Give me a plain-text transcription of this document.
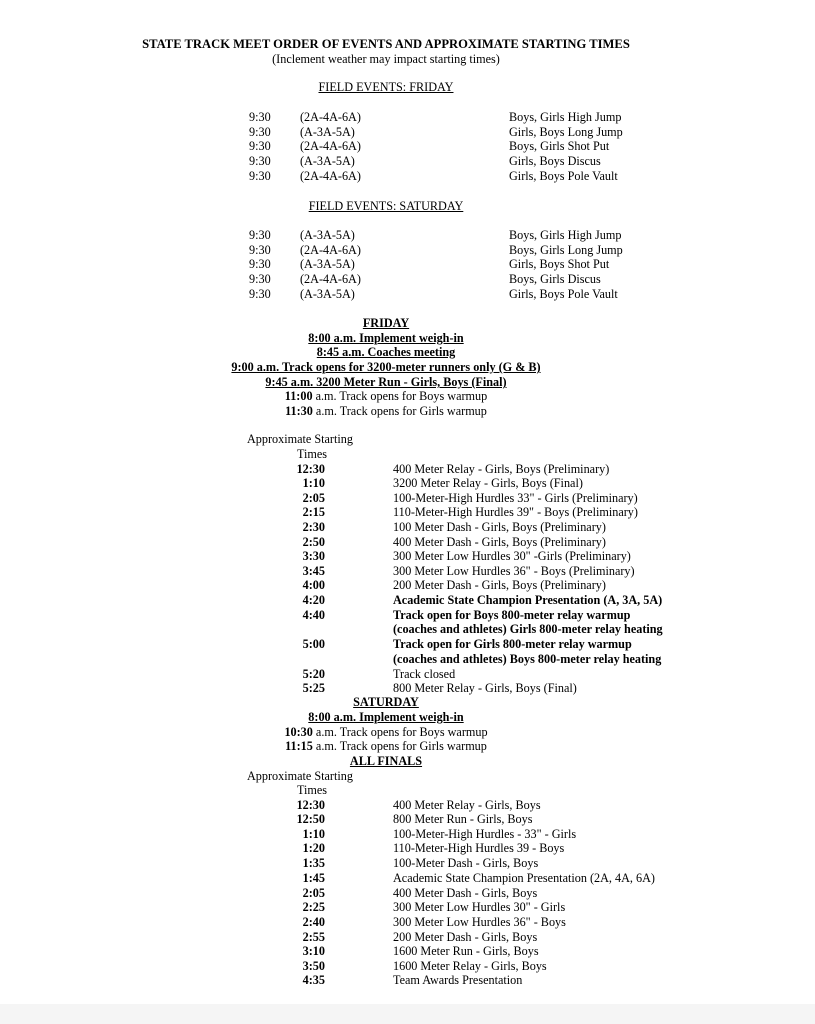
STATE TRACK MEET ORDER OF EVENTS AND APPROXIMATE STARTING TIMES
(Inclement weather may impact starting times)
FIELD EVENTS: FRIDAY
9:30 (2A-4A-6A)	Boys, Girls High Jump
9:30 (A-3A-5A)	Girls, Boys Long Jump
9:30 (2A-4A-6A)	Boys, Girls Shot Put
9:30 (A-3A-5A)	Girls, Boys Discus
9:30 (2A-4A-6A)	Girls, Boys Pole Vault
FIELD EVENTS: SATURDAY
9:30 (A-3A-5A)	Boys, Girls High Jump
9:30 (2A-4A-6A)	Boys, Girls Long Jump
9:30 (A-3A-5A)	Girls, Boys Shot Put
9:30 (2A-4A-6A)	Boys, Girls Discus
9:30 (A-3A-5A)	Girls, Boys Pole Vault
FRIDAY
8:00 a.m. Implement weigh-in
8:45 a.m. Coaches meeting
9:00 a.m. Track opens for 3200-meter runners only (G & B)
9:45 a.m. 3200 Meter Run - Girls, Boys (Final)
11:00 a.m. Track opens for Boys warmup
11:30 a.m. Track opens for Girls warmup
Approximate Starting
Times
12:30	400 Meter Relay - Girls, Boys (Preliminary)
1:10	3200 Meter Relay - Girls, Boys (Final)
2:05	100-Meter-High Hurdles 33" - Girls (Preliminary)
2:15	110-Meter-High Hurdles 39" - Boys (Preliminary)
2:30	100 Meter Dash - Girls, Boys (Preliminary)
2:50	400 Meter Dash - Girls, Boys (Preliminary)
3:30	300 Meter Low Hurdles 30" -Girls (Preliminary)
3:45	300 Meter Low Hurdles 36" - Boys (Preliminary)
4:00	200 Meter Dash - Girls, Boys (Preliminary)
4:20	Academic State Champion Presentation (A, 3A, 5A)
4:40	Track open for Boys 800-meter relay warmup
(coaches and athletes) Girls 800-meter relay heating
5:00	Track open for Girls 800-meter relay warmup
(coaches and athletes) Boys 800-meter relay heating
5:20	Track closed
5:25	800 Meter Relay - Girls, Boys (Final)
SATURDAY
8:00 a.m. Implement weigh-in
10:30 a.m. Track opens for Boys warmup
11:15 a.m. Track opens for Girls warmup
ALL FINALS
Approximate Starting
Times
12:30	400 Meter Relay - Girls, Boys
12:50	800 Meter Run - Girls, Boys
1:10	100-Meter-High Hurdles - 33" - Girls
1:20	110-Meter-High Hurdles 39 - Boys
1:35	100-Meter Dash - Girls, Boys
1:45	Academic State Champion Presentation (2A, 4A, 6A)
2:05	400 Meter Dash - Girls, Boys
2:25	300 Meter Low Hurdles 30" - Girls
2:40	300 Meter Low Hurdles 36" - Boys
2:55	200 Meter Dash - Girls, Boys
3:10	1600 Meter Run - Girls, Boys
3:50	1600 Meter Relay - Girls, Boys
4:35	Team Awards Presentation
